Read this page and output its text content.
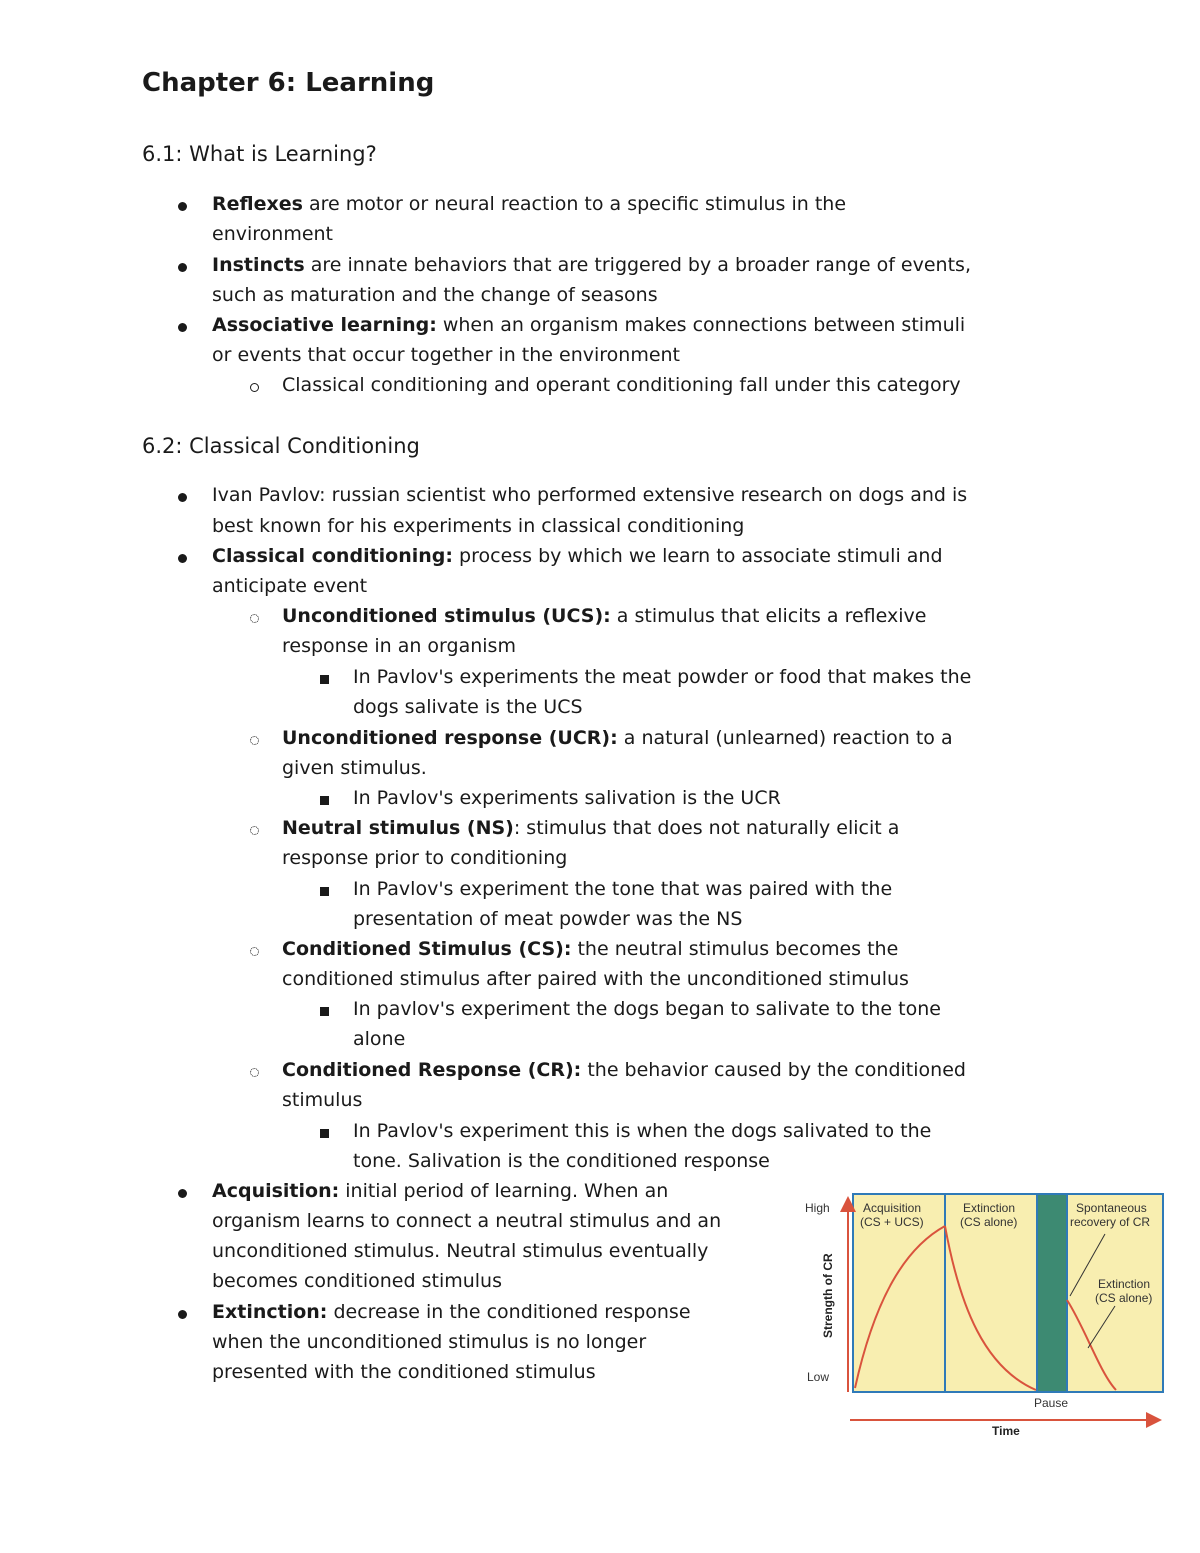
Chapter 6: Learning
6.1: What is Learning?
Reflexes are motor or neural reaction to a specific stimulus in the
environment
Instincts are innate behaviors that are triggered by a broader range of events,
such as maturation and the change of seasons
Associative learning: when an organism makes connections between stimuli
or events that occur together in the environment
Classical conditioning and operant conditioning fall under this category
6.2: Classical Conditioning
Ivan Pavlov: russian scientist who performed extensive research on dogs and is
best known for his experiments in classical conditioning
Classical conditioning: process by which we learn to associate stimuli and
anticipate event
Unconditioned stimulus (UCS): a stimulus that elicits a reflexive
response in an organism
In Pavlov's experiments the meat powder or food that makes the
dogs salivate is the UCS
Unconditioned response (UCR): a natural (unlearned) reaction to a
given stimulus.
In Pavlov's experiments salivation is the UCR
Neutral stimulus (NS): stimulus that does not naturally elicit a
response prior to conditioning
In Pavlov's experiment the tone that was paired with the
presentation of meat powder was the NS
Conditioned Stimulus (CS): the neutral stimulus becomes the
conditioned stimulus after paired with the unconditioned stimulus
In pavlov's experiment the dogs began to salivate to the tone
alone
Conditioned Response (CR): the behavior caused by the conditioned
stimulus
In Pavlov's experiment this is when the dogs salivated to the
tone. Salivation is the conditioned response
Acquisition: initial period of learning. When an
organism learns to connect a neutral stimulus and an
unconditioned stimulus. Neutral stimulus eventually
becomes conditioned stimulus
Extinction: decrease in the conditioned response
when the unconditioned stimulus is no longer
presented with the conditioned stimulus
High
Low
Strength of CR
Acquisition
(CS + UCS)
Extinction
(CS alone)
Pause
Spontaneous
recovery of CR
Extinction
(CS alone)
Time
